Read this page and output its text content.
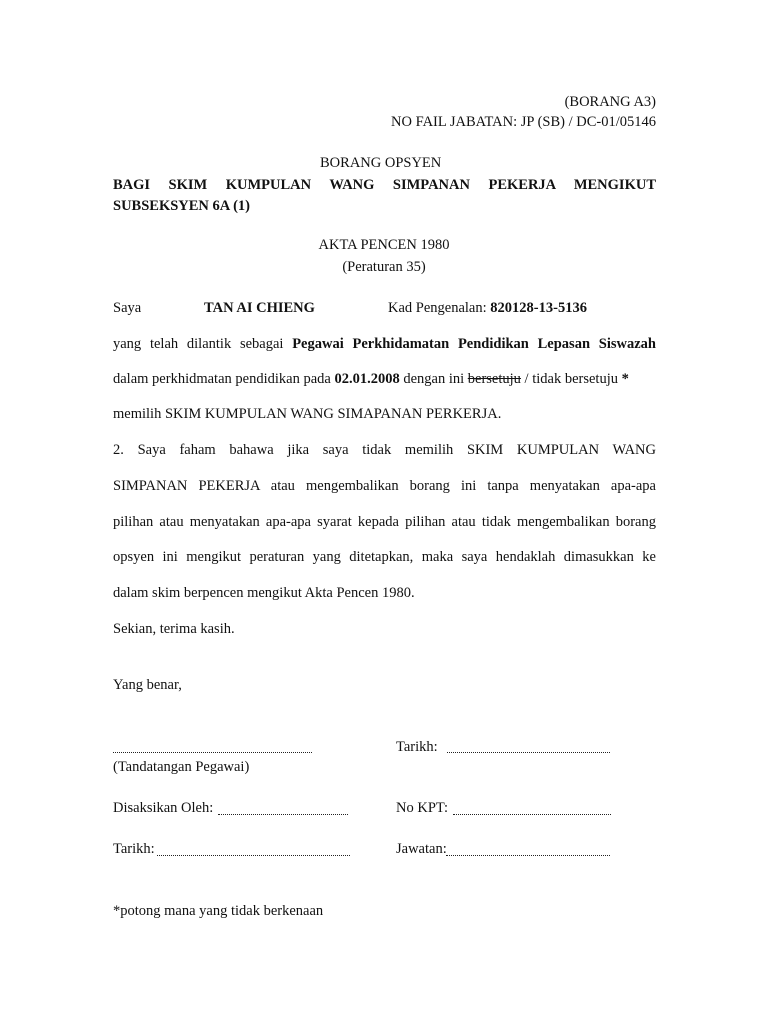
(BORANG A3)
NO FAIL JABATAN: JP (SB) / DC-01/05146
BORANG OPSYEN
BAGI SKIM KUMPULAN WANG SIMPANAN PEKERJA MENGIKUT
SUBSEKSYEN 6A (1)
AKTA PENCEN 1980
(Peraturan 35)
Saya	TAN AI CHIENG	Kad Pengenalan: 820128-13-5136
yang telah dilantik sebagai Pegawai Perkhidamatan Pendidikan Lepasan Siswazah
dalam perkhidmatan pendidikan pada 02.01.2008 dengan ini bersetuju / tidak bersetuju *
memilih SKIM KUMPULAN WANG SIMAPANAN PERKERJA.
2. Saya faham bahawa jika saya tidak memilih SKIM KUMPULAN WANG
SIMPANAN PEKERJA atau mengembalikan borang ini tanpa menyatakan apa-apa
pilihan atau menyatakan apa-apa syarat kepada pilihan atau tidak mengembalikan borang
opsyen ini mengikut peraturan yang ditetapkan, maka saya hendaklah dimasukkan ke
dalam skim berpencen mengikut Akta Pencen 1980.
Sekian, terima kasih.
Yang benar,
(Tandatangan Pegawai)
Tarikh:
Disaksikan Oleh:	No KPT:
Tarikh:	Jawatan:
*potong mana yang tidak berkenaan
